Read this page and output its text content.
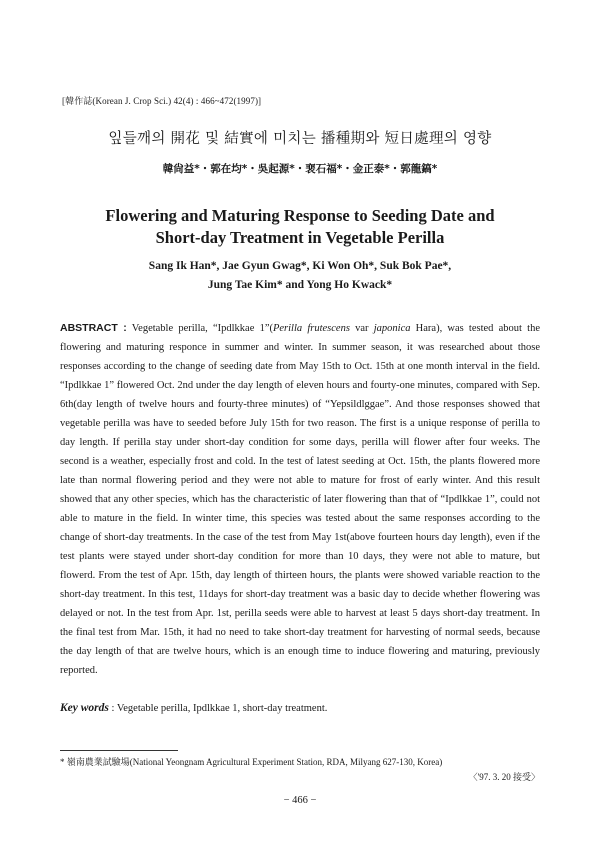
[韓作誌(Korean J. Crop Sci.) 42(4) : 466~472(1997)]
잎들깨의 開花 및 結實에 미치는 播種期와 短日處理의 영향
韓尙益*・郭在均*・吳起源*・裵石福*・金正泰*・郭龍鎬*
Flowering and Maturing Response to Seeding Date and
Short-day Treatment in Vegetable Perilla
Sang Ik Han*, Jae Gyun Gwag*, Ki Won Oh*, Suk Bok Pae*,
Jung Tae Kim* and Yong Ho Kwack*
ABSTRACT : Vegetable perilla, “Ipdlkkae 1”(Perilla frutescens var japonica Hara), was tested about the flowering and maturing responce in summer and winter. In summer season, it was researched about those responses according to the change of seeding date from May 15th to Oct. 15th at one month interval in the field. “Ipdlkkae 1” flowered Oct. 2nd under the day length of eleven hours and fourty-one minutes, compared with Sep. 6th(day length of twelve hours and fourty-three minutes) of “Yepsildlggae”. And those responses showed that vegetable perilla was have to seeded before July 15th for two reason. The first is a unique response of perilla to day length. If perilla stay under short-day condition for some days, perilla will flower after four weeks. The second is a weather, especially frost and cold. In the test of latest seeding at Oct. 15th, the plants flowered more late than normal flowering period and they were not able to mature for frost of early winter. And this result showed that any other species, which has the characteristic of later flowering than that of “Ipdlkkae 1”, could not able to mature in the field. In winter time, this species was tested about the same responses according to the change of short-day treatments. In the case of the test from May 1st(above fourteen hours day length), even if the test plants were stayed under short-day condition for more than 10 days, they were not able to mature, but flowerd. From the test of Apr. 15th, day length of thirteen hours, the plants were showed variable reaction to the short-day treatment. In this test, 11days for short-day treatment was a basic day to decide whether flowering was delayed or not. In the test from Apr. 1st, perilla seeds were able to harvest at least 5 days short-day treatment. In the final test from Mar. 15th, it had no need to take short-day treatment for harvesting of normal seeds, because the day length of that are twelve hours, which is an enough time to induce flowering and maturing, previously reported.
Key words : Vegetable perilla, Ipdlkkae 1, short-day treatment.
* 嶺南農業試驗場(National Yeongnam Agricultural Experiment Station, RDA, Milyang 627-130, Korea)
〈'97. 3. 20 接受〉
− 466 −
